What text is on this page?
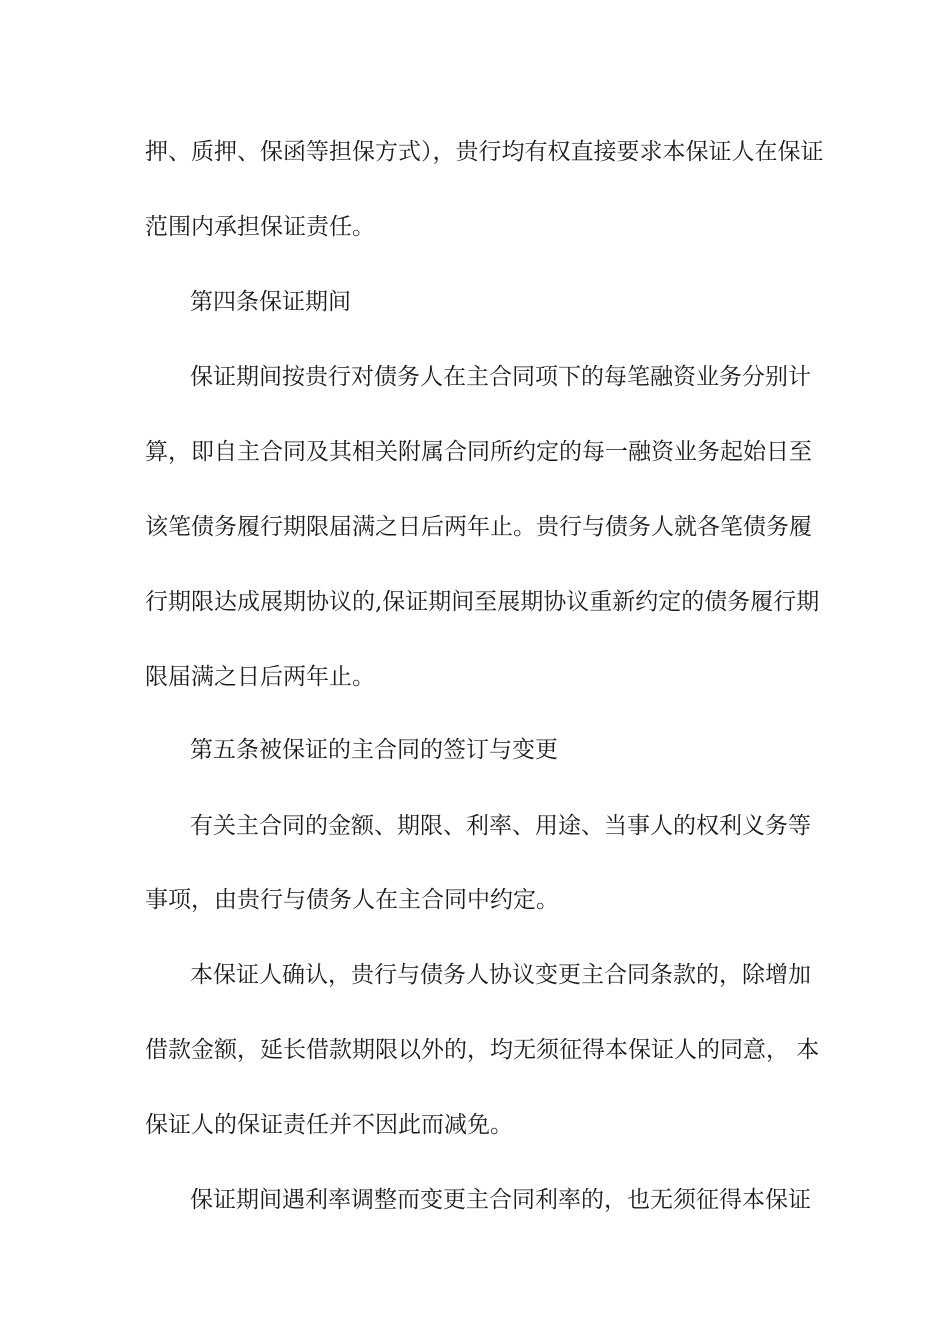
押、质押、保函等担保方式），贵行均有权直接要求本保证人在保证
范围内承担保证责任。
第四条保证期间
保证期间按贵行对债务人在主合同项下的每笔融资业务分别计
算，即自主合同及其相关附属合同所约定的每一融资业务起始日至
该笔债务履行期限届满之日后两年止。贵行与债务人就各笔债务履
行期限达成展期协议的,保证期间至展期协议重新约定的债务履行期
限届满之日后两年止。
第五条被保证的主合同的签订与变更
有关主合同的金额、期限、利率、用途、当事人的权利义务等
事项，由贵行与债务人在主合同中约定。
本保证人确认，贵行与债务人协议变更主合同条款的，除增加
借款金额，延长借款期限以外的，均无须征得本保证人的同意， 本
保证人的保证责任并不因此而减免。
保证期间遇利率调整而变更主合同利率的，也无须征得本保证
